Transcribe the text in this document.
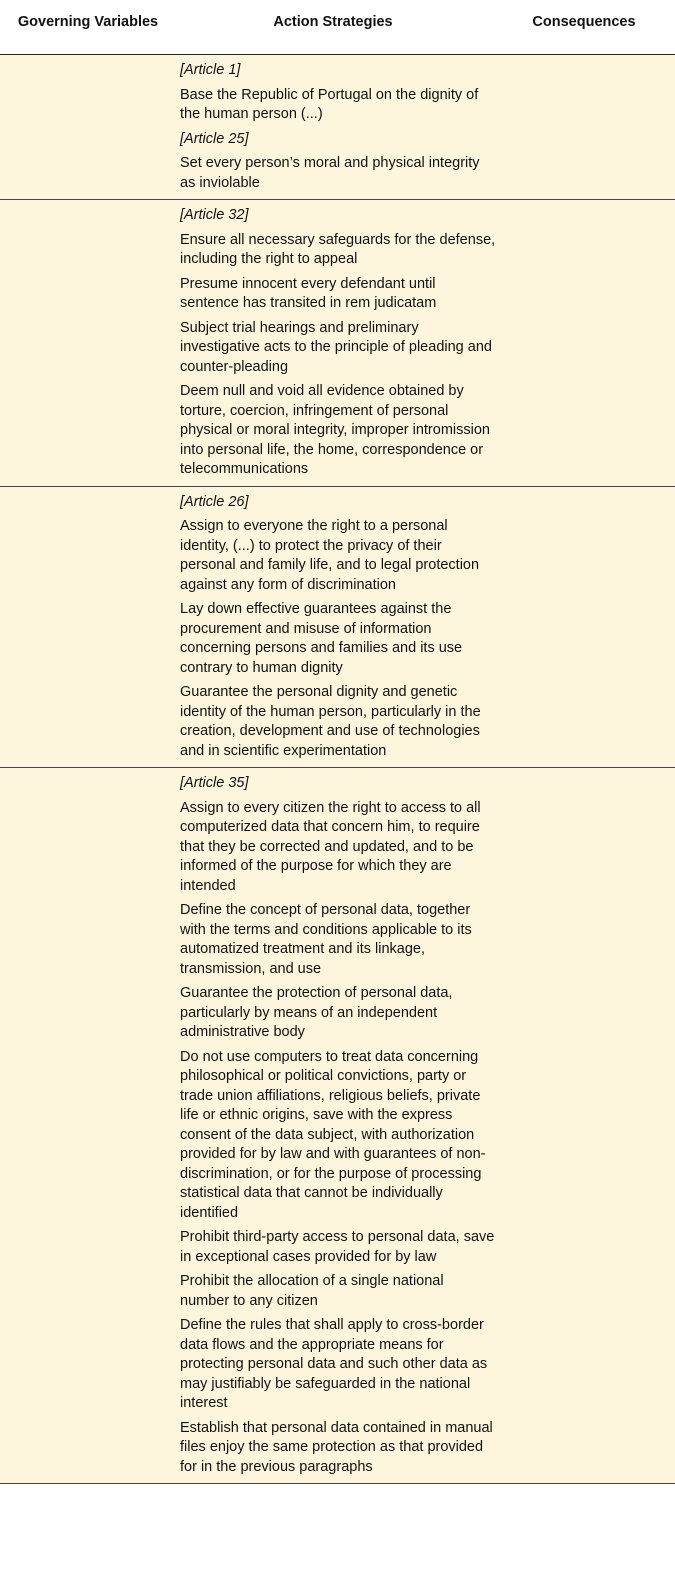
Governing Variables	Action Strategies	Consequences
[Article 1]
Base the Republic of Portugal on the dignity of the human person (...)
[Article 25]
Set every person’s moral and physical integrity as inviolable
[Article 32]
Ensure all necessary safeguards for the defense, including the right to appeal
Presume innocent every defendant until sentence has transited in rem judicatam
Subject trial hearings and preliminary investigative acts to the principle of pleading and counter-pleading
Deem null and void all evidence obtained by torture, coercion, infringement of personal physical or moral integrity, improper intromission into personal life, the home, correspondence or telecommunications
[Article 26]
Assign to everyone the right to a personal identity, (...) to protect the privacy of their personal and family life, and to legal protection against any form of discrimination
Lay down effective guarantees against the procurement and misuse of information concerning persons and families and its use contrary to human dignity
Guarantee the personal dignity and genetic identity of the human person, particularly in the creation, development and use of technologies and in scientific experimentation
[Article 35]
Assign to every citizen the right to access to all computerized data that concern him, to require that they be corrected and updated, and to be informed of the purpose for which they are intended
Define the concept of personal data, together with the terms and conditions applicable to its automatized treatment and its linkage, transmission, and use
Guarantee the protection of personal data, particularly by means of an independent administrative body
Do not use computers to treat data concerning philosophical or political convictions, party or trade union affiliations, religious beliefs, private life or ethnic origins, save with the express consent of the data subject, with authorization provided for by law and with guarantees of non-discrimination, or for the purpose of processing statistical data that cannot be individually identified
Prohibit third-party access to personal data, save in exceptional cases provided for by law
Prohibit the allocation of a single national number to any citizen
Define the rules that shall apply to cross-border data flows and the appropriate means for protecting personal data and such other data as may justifiably be safeguarded in the national interest
Establish that personal data contained in manual files enjoy the same protection as that provided for in the previous paragraphs
